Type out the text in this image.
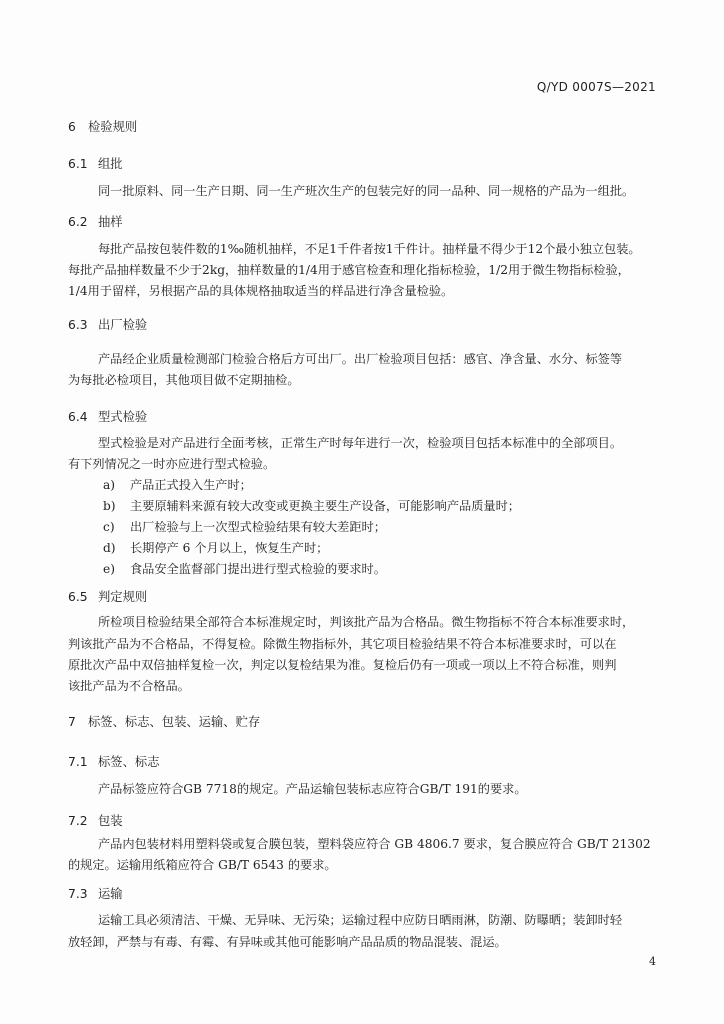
Q/YD 0007S—2021
6 检验规则
6.1 组批
同一批原料、同一生产日期、同一生产班次生产的包装完好的同一品种、同一规格的产品为一组批。
6.2 抽样
每批产品按包装件数的1‰随机抽样，不足1千件者按1千件计。抽样量不得少于12个最小独立包装。
每批产品抽样数量不少于2kg，抽样数量的1/4用于感官检查和理化指标检验，1/2用于微生物指标检验，
1/4用于留样，另根据产品的具体规格抽取适当的样品进行净含量检验。
6.3 出厂检验
产品经企业质量检测部门检验合格后方可出厂。出厂检验项目包括：感官、净含量、水分、标签等
为每批必检项目，其他项目做不定期抽检。
6.4 型式检验
型式检验是对产品进行全面考核，正常生产时每年进行一次，检验项目包括本标准中的全部项目。
有下列情况之一时亦应进行型式检验。
a) 产品正式投入生产时；
b) 主要原辅料来源有较大改变或更换主要生产设备，可能影响产品质量时；
c) 出厂检验与上一次型式检验结果有较大差距时；
d) 长期停产 6 个月以上，恢复生产时；
e) 食品安全监督部门提出进行型式检验的要求时。
6.5 判定规则
所检项目检验结果全部符合本标准规定时，判该批产品为合格品。微生物指标不符合本标准要求时，
判该批产品为不合格品，不得复检。除微生物指标外，其它项目检验结果不符合本标准要求时，可以在
原批次产品中双倍抽样复检一次，判定以复检结果为准。复检后仍有一项或一项以上不符合标准，则判
该批产品为不合格品。
7 标签、标志、包装、运输、贮存
7.1 标签、标志
产品标签应符合GB 7718的规定。产品运输包装标志应符合GB/T 191的要求。
7.2 包装
产品内包装材料用塑料袋或复合膜包装，塑料袋应符合 GB 4806.7 要求，复合膜应符合 GB/T 21302
的规定。运输用纸箱应符合 GB/T 6543 的要求。
7.3 运输
运输工具必须清洁、干燥、无异味、无污染；运输过程中应防日晒雨淋，防潮、防曝晒；装卸时轻
放轻卸，严禁与有毒、有霉、有异味或其他可能影响产品品质的物品混装、混运。
4
